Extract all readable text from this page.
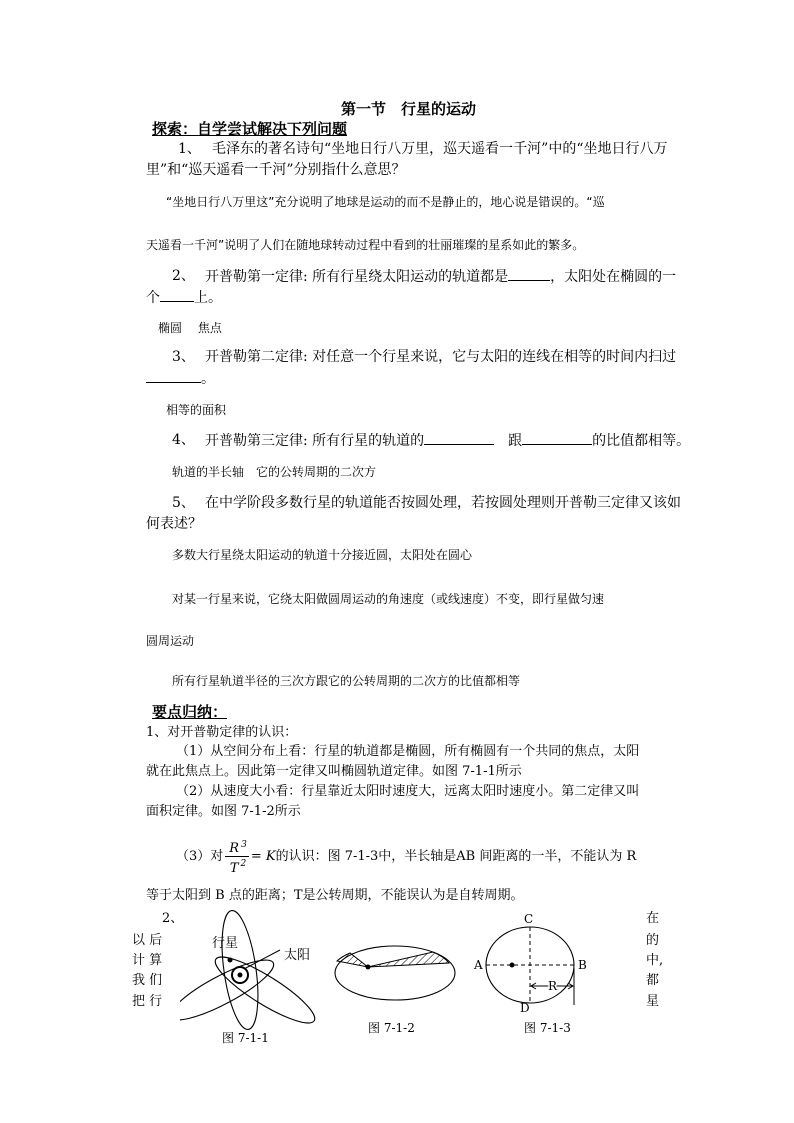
第一节　行星的运动
探索：自学尝试解决下列问题
1、 毛泽东的著名诗句“坐地日行八万里，巡天遥看一千河”中的“坐地日行八万
里”和“巡天遥看一千河”分别指什么意思？
“坐地日行八万里这”充分说明了地球是运动的而不是静止的，地心说是错误的。“巡
天遥看一千河”说明了人们在随地球转动过程中看到的壮丽璀璨的星系如此的繁多。
2、 开普勒第一定律: 所有行星绕太阳运动的轨道都是	，太阳处在椭圆的一
个 上。
椭圆　 焦点
3、 开普勒第二定律: 对任意一个行星来说，它与太阳的连线在相等的时间内扫过
。
相等的面积
4、 开普勒第三定律: 所有行星的轨道的　	跟	的比值都相等。
轨道的半长轴　它的公转周期的二次方
5、 在中学阶段多数行星的轨道能否按圆处理，若按圆处理则开普勒三定律又该如
何表述？
多数大行星绕太阳运动的轨道十分接近圆，太阳处在圆心
对某一行星来说，它绕太阳做圆周运动的角速度（或线速度）不变，即行星做匀速
圆周运动
所有行星轨道半径的三次方跟它的公转周期的二次方的比值都相等
要点归纳：
1、对开普勒定律的认识：
（1）从空间分布上看：行星的轨道都是椭圆，所有椭圆有一个共同的焦点，太阳
就在此焦点上。因此第一定律又叫椭圆轨道定律。如图 7-1-1所示
（2）从速度大小看：行星靠近太阳时速度大，远离太阳时速度小。第二定律又叫
面积定律。如图 7-1-2所示
（3）对 $\frac{R ^3}{T ^2} = K$ 的认识：图 7-1-3中，半长轴是AB 间距离的一半，不能认为 R
等于太阳到 B 点的距离；T是公转周期，不能误认为是自转周期。
2、
以 后
计 算
我 们
把 行
在
的
中,
都
星
行星
太阳
图 7-1-1
图 7-1-2
C
A	B
D
R
图 7-1-3
